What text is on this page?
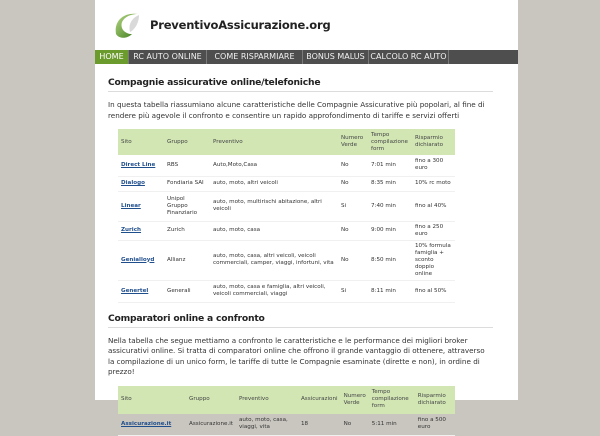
PreventivoAssicurazione.org
HOME	RC AUTO ONLINE	COME RISPARMIARE	BONUS MALUS CALCOLO RC AUTO
Compagnie assicurative online/telefoniche

In questa tabella riassumiano alcune caratteristiche delle Compagnie Assicurative più popolari, al fine di rendere più agevole il confronto e consentire un rapido approfondimento di tariffe e servizi offerti

Sito	Gruppo	Preventivo	Numero Verde	Tempo compilazione form	Risparmio dichiarato
Direct Line	RBS	Auto,Moto,Casa	No	7:01 min	fino a 300 euro
Dialogo	Fondiaria SAI	auto, moto, altri veicoli	No	8:35 min	10% rc moto
Linear	Unipol Gruppo Finanziario	auto, moto, multirischi abitazione, altri veicoli	Si	7:40 min	fino al 40%
Zurich	Zurich	auto, moto, casa	No	9:00 min	fino a 250 euro
Genialloyd	Allianz	auto, moto, casa, altri veicoli, veicoli commerciali, camper, viaggi, infortuni, vita	No	8:50 min	10% formula famiglia + sconto doppio online
Genertel	Generali	auto, moto, casa e famiglia, altri veicoli, veicoli commerciali, viaggi	Si	8:11 min	fino al 50%
Comparatori online a confronto

Nella tabella che segue mettiamo a confronto le caratteristiche e le performance dei migliori broker assicurativi online. Si tratta di comparatori online che offrono il grande vantaggio di ottenere, attraverso la compilazione di un unico form, le tariffe di tutte le Compagnie esaminate (dirette e non), in ordine di prezzo!

Sito	Gruppo	Preventivo	Assicurazioni	Numero Verde	Tempo compilazione form	Risparmio dichiarato
Assicurazione.it	Assicurazione.it	auto, moto, casa, viaggi, vita	18	No	5:11 min	fino a 500 euro
